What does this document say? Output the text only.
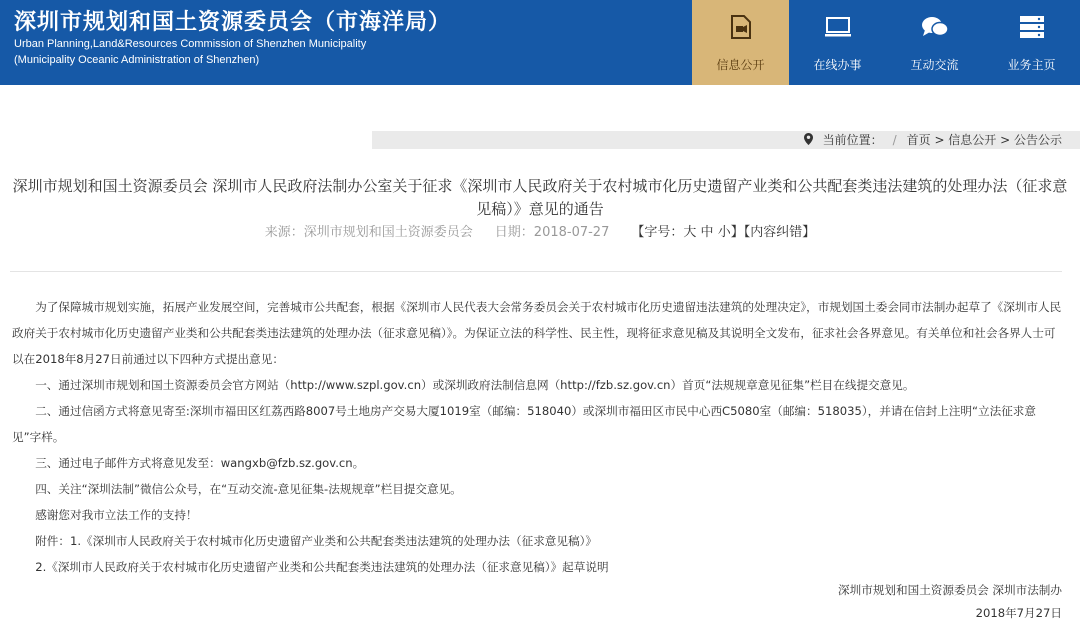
深圳市规划和国土资源委员会（市海洋局）
Urban Planning,Land&Resources Commission of Shenzhen Municipality
(Municipality Oceanic Administration of Shenzhen)	信息公开	在线办事	互动交流	业务主页
当前位置： / 首页 > 信息公开 > 公告公示
深圳市规划和国土资源委员会 深圳市人民政府法制办公室关于征求《深圳市人民政府关于农村城市化历史遗留产业类和公共配套类违法建筑的处理办法（征求意见稿）》意见的通告
来源：深圳市规划和国土资源委员会 日期：2018-07-27 【字号：大 中 小】【内容纠错】

为了保障城市规划实施，拓展产业发展空间，完善城市公共配套，根据《深圳市人民代表大会常务委员会关于农村城市化历史遗留违法建筑的处理决定》，市规划国土委会同市法制办起草了《深圳市人民政府关于农村城市化历史遗留产业类和公共配套类违法建筑的处理办法（征求意见稿）》。为保证立法的科学性、民主性，现将征求意见稿及其说明全文发布，征求社会各界意见。有关单位和社会各界人士可以在2018年8月27日前通过以下四种方式提出意见：

一、通过深圳市规划和国土资源委员会官方网站（http://www.szpl.gov.cn）或深圳政府法制信息网（http://fzb.sz.gov.cn）首页“法规规章意见征集”栏目在线提交意见。

二、通过信函方式将意见寄至:深圳市福田区红荔西路8007号土地房产交易大厦1019室（邮编：518040）或深圳市福田区市民中心西C5080室（邮编：518035），并请在信封上注明“立法征求意见”字样。

三、通过电子邮件方式将意见发至：wangxb@fzb.sz.gov.cn。

四、关注“深圳法制”微信公众号，在“互动交流-意见征集-法规规章”栏目提交意见。

感谢您对我市立法工作的支持！

附件：1.《深圳市人民政府关于农村城市化历史遗留产业类和公共配套类违法建筑的处理办法（征求意见稿）》

2.《深圳市人民政府关于农村城市化历史遗留产业类和公共配套类违法建筑的处理办法（征求意见稿）》起草说明

深圳市规划和国土资源委员会 深圳市法制办
2018年7月27日
